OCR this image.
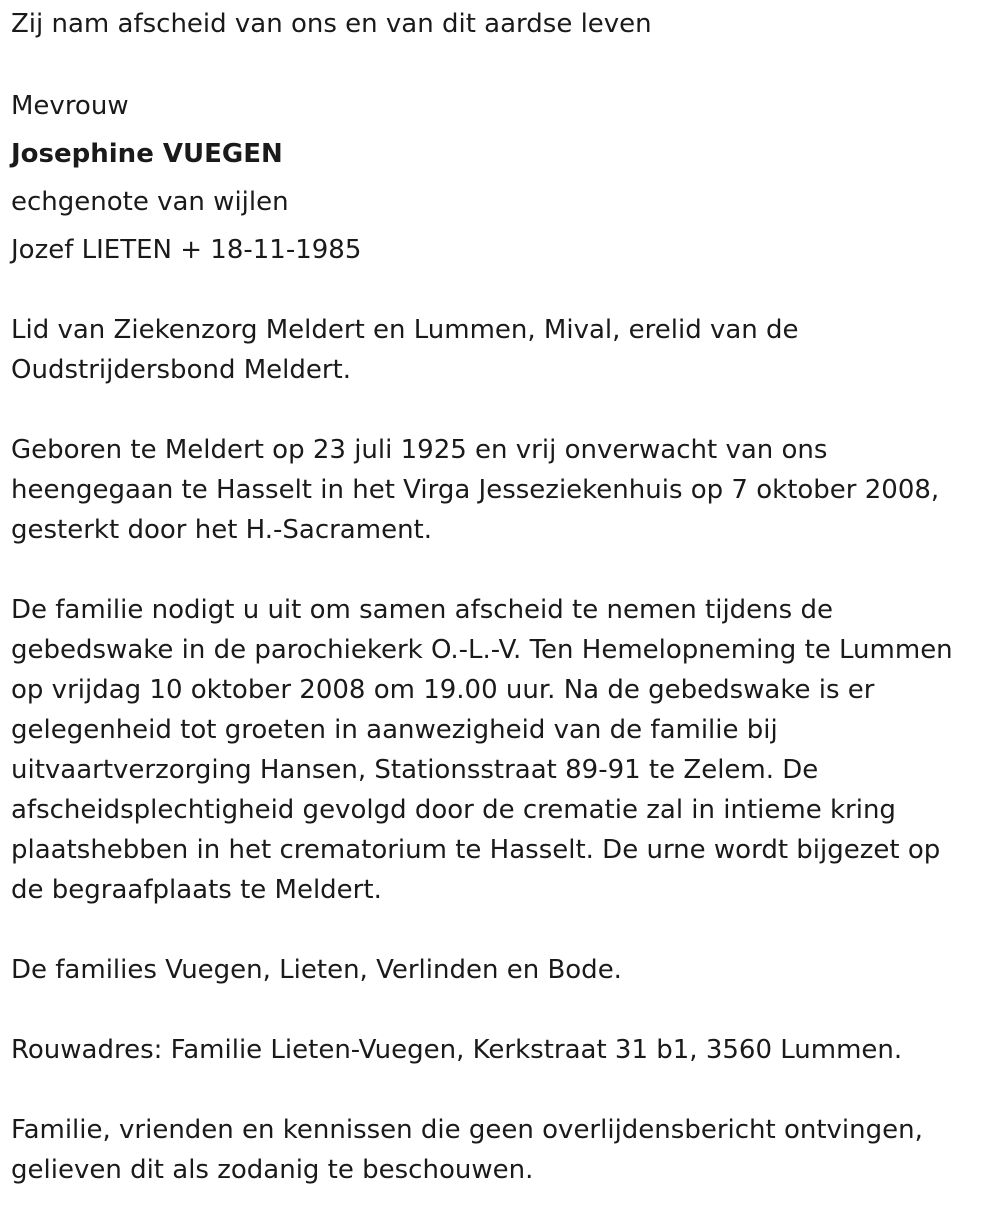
Zij nam afscheid van ons en van dit aardse leven
Mevrouw
Josephine VUEGEN
echgenote van wijlen
Jozef LIETEN + 18-11-1985
Lid van Ziekenzorg Meldert en Lummen, Mival, erelid van de
Oudstrijdersbond Meldert.
Geboren te Meldert op 23 juli 1925 en vrij onverwacht van ons
heengegaan te Hasselt in het Virga Jesseziekenhuis op 7 oktober 2008,
gesterkt door het H.-Sacrament.
De familie nodigt u uit om samen afscheid te nemen tijdens de
gebedswake in de parochiekerk O.-L.-V. Ten Hemelopneming te Lummen
op vrijdag 10 oktober 2008 om 19.00 uur. Na de gebedswake is er
gelegenheid tot groeten in aanwezigheid van de familie bij
uitvaartverzorging Hansen, Stationsstraat 89-91 te Zelem. De
afscheidsplechtigheid gevolgd door de crematie zal in intieme kring
plaatshebben in het crematorium te Hasselt. De urne wordt bijgezet op
de begraafplaats te Meldert.
De families Vuegen, Lieten, Verlinden en Bode.
Rouwadres: Familie Lieten-Vuegen, Kerkstraat 31 b1, 3560 Lummen.
Familie, vrienden en kennissen die geen overlijdensbericht ontvingen,
gelieven dit als zodanig te beschouwen.
